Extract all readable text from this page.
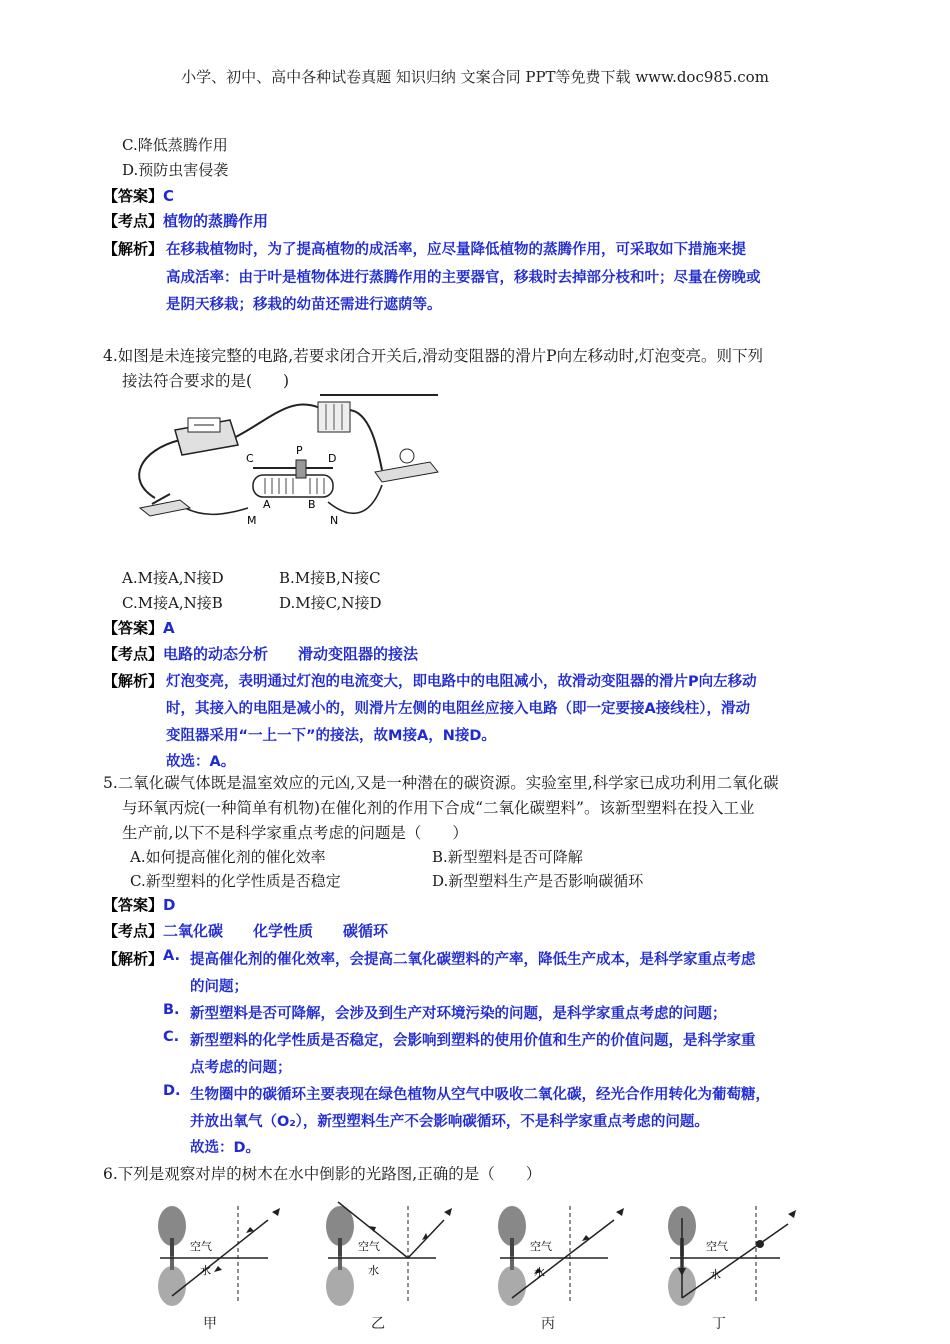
小学、初中、高中各种试卷真题 知识归纳 文案合同 PPT等免费下载 www.doc985.com
C.降低蒸腾作用
D.预防虫害侵袭
【答案】C
【考点】植物的蒸腾作用
【解析】 在移栽植物时，为了提高植物的成活率，应尽量降低植物的蒸腾作用，可采取如下措施来提
高成活率：由于叶是植物体进行蒸腾作用的主要器官，移栽时去掉部分枝和叶；尽量在傍晚或
是阴天移栽；移栽的幼苗还需进行遮荫等。
4.如图是未连接完整的电路,若要求闭合开关后,滑动变阻器的滑片P向左移动时,灯泡变亮。则下列
接法符合要求的是(　　)
C
P
D
A	B
M	N
A.M接A,N接D	B.M接B,N接C
C.M接A,N接B	D.M接C,N接D
【答案】A
【考点】电路的动态分析　　滑动变阻器的接法
【解析】 灯泡变亮，表明通过灯泡的电流变大，即电路中的电阻减小，故滑动变阻器的滑片P向左移动
时，其接入的电阻是减小的，则滑片左侧的电阻丝应接入电路（即一定要接A接线柱），滑动
变阻器采用“一上一下”的接法，故M接A，N接D。
故选：A。
5.二氧化碳气体既是温室效应的元凶,又是一种潜在的碳资源。实验室里,科学家已成功利用二氧化碳
与环氧丙烷(一种简单有机物)在催化剂的作用下合成“二氧化碳塑料”。该新型塑料在投入工业
生产前,以下不是科学家重点考虑的问题是（　　）
A.如何提高催化剂的催化效率	B.新型塑料是否可降解
C.新型塑料的化学性质是否稳定	D.新型塑料生产是否影响碳循环
【答案】D
【考点】二氧化碳　　化学性质　　碳循环
【解析】 A. 提高催化剂的催化效率，会提高二氧化碳塑料的产率，降低生产成本，是科学家重点考虑
的问题；
B. 新型塑料是否可降解，会涉及到生产对环境污染的问题，是科学家重点考虑的问题；
C. 新型塑料的化学性质是否稳定，会影响到塑料的使用价值和生产的价值问题，是科学家重
点考虑的问题；
D. 生物圈中的碳循环主要表现在绿色植物从空气中吸收二氧化碳，经光合作用转化为葡萄糖，
并放出氧气（O₂），新型塑料生产不会影响碳循环，不是科学家重点考虑的问题。
故选：D。
6.下列是观察对岸的树木在水中倒影的光路图,正确的是（　　）
空气
水
空气
水
空气
水
空气
水
甲	乙	丙	丁
